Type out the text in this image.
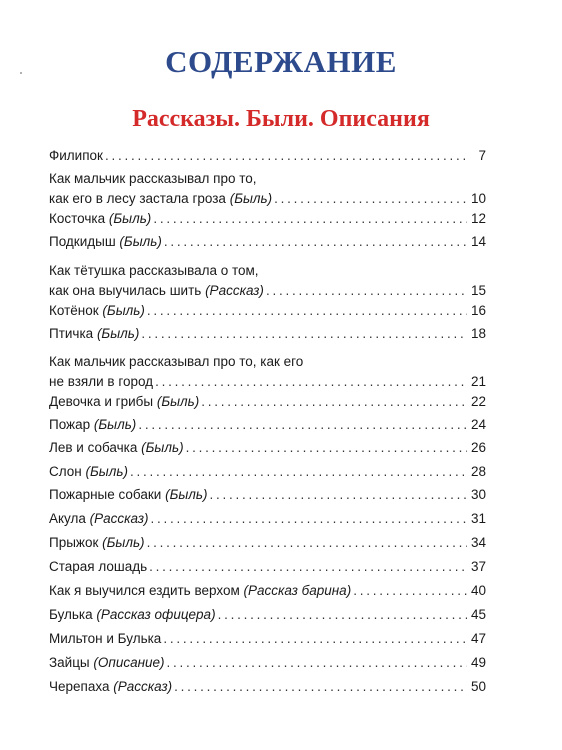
СОДЕРЖАНИЕ
Рассказы. Были. Описания
Филипок . . .	7
Как мальчик рассказывал про то,
как его в лесу застала гроза (Быль) . . .	10
Косточка (Быль) . . .	12
Подкидыш (Быль) . . .	14
Как тётушка рассказывала о том,
как она выучилась шить (Рассказ) . . .	15
Котёнок (Быль) . . .	16
Птичка (Быль) . . .	18
Как мальчик рассказывал про то, как его
не взяли в город . . .	21
Девочка и грибы (Быль) . . .	22
Пожар (Быль) . . .	24
Лев и собачка (Быль) . . .	26
Слон (Быль) . . .	28
Пожарные собаки (Быль) . . .	30
Акула (Рассказ) . . .	31
Прыжок (Быль) . . .	34
Старая лошадь . . .	37
Как я выучился ездить верхом (Рассказ барина) . . .	40
Булька (Рассказ офицера) . . .	45
Мильтон и Булька . . .	47
Зайцы (Описание) . . .	49
Черепаха (Рассказ) . . .	50
